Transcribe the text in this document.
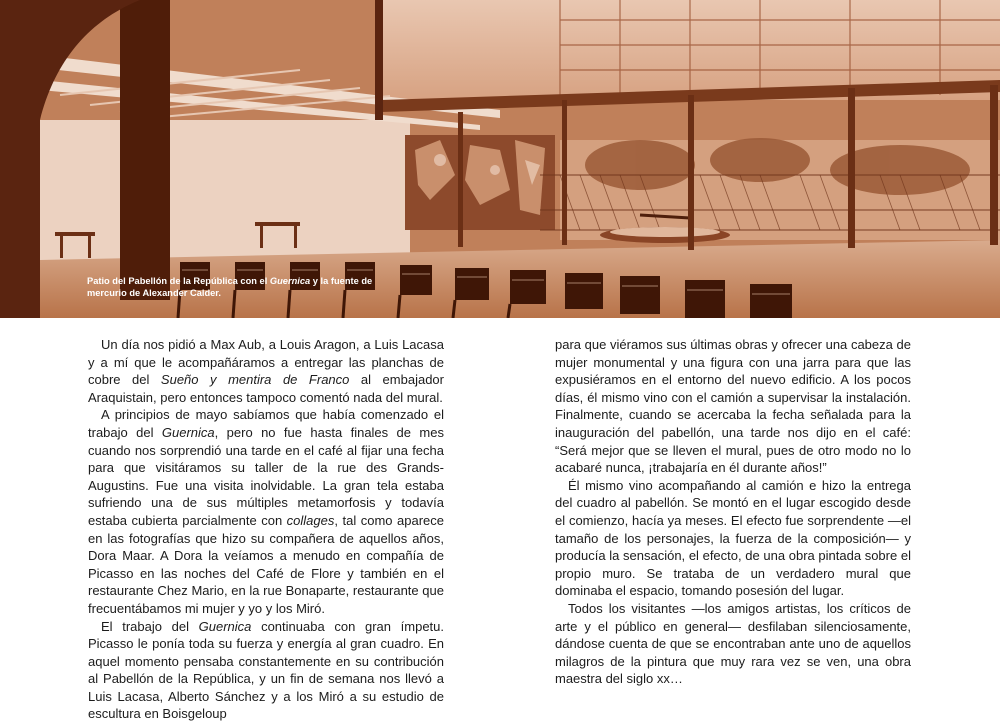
Patio del Pabellón de la República con el Guernica y la fuente de mercurio de Alexander Calder.

Un día nos pidió a Max Aub, a Louis Aragon, a Luis Lacasa y a mí que le acompañáramos a entregar las planchas de cobre del Sueño y mentira de Franco al embajador Araquistain, pero entonces tampoco comentó nada del mural.

A principios de mayo sabíamos que había comenzado el trabajo del Guernica, pero no fue hasta finales de mes cuando nos sorprendió una tarde en el café al fijar una fecha para que visitáramos su taller de la rue des Grands-Augustins. Fue una visita inolvidable. La gran tela estaba sufriendo una de sus múltiples metamorfosis y todavía estaba cubierta parcialmente con collages, tal como aparece en las fotografías que hizo su compañera de aquellos años, Dora Maar. A Dora la veíamos a menudo en compañía de Picasso en las noches del Café de Flore y también en el restaurante Chez Mario, en la rue Bonaparte, restaurante que frecuentábamos mi mujer y yo y los Miró.

El trabajo del Guernica continuaba con gran ímpetu. Picasso le ponía toda su fuerza y energía al gran cuadro. En aquel momento pensaba constantemente en su contribución al Pabellón de la República, y un fin de semana nos llevó a Luis Lacasa, Alberto Sánchez y a los Miró a su estudio de escultura en Boisgeloup

para que viéramos sus últimas obras y ofrecer una cabeza de mujer monumental y una figura con una jarra para que las expusiéramos en el entorno del nuevo edificio. A los pocos días, él mismo vino con el camión a supervisar la instalación. Finalmente, cuando se acercaba la fecha señalada para la inauguración del pabellón, una tarde nos dijo en el café: “Será mejor que se lleven el mural, pues de otro modo no lo acabaré nunca, ¡trabajaría en él durante años!”

Él mismo vino acompañando al camión e hizo la entrega del cuadro al pabellón. Se montó en el lugar escogido desde el comienzo, hacía ya meses. El efecto fue sorprendente —el tamaño de los personajes, la fuerza de la composición— y producía la sensación, el efecto, de una obra pintada sobre el propio muro. Se trataba de un verdadero mural que dominaba el espacio, tomando posesión del lugar.

Todos los visitantes —los amigos artistas, los críticos de arte y el público en general— desfilaban silenciosamente, dándose cuenta de que se encontraban ante uno de aquellos milagros de la pintura que muy rara vez se ven, una obra maestra del siglo xx…
